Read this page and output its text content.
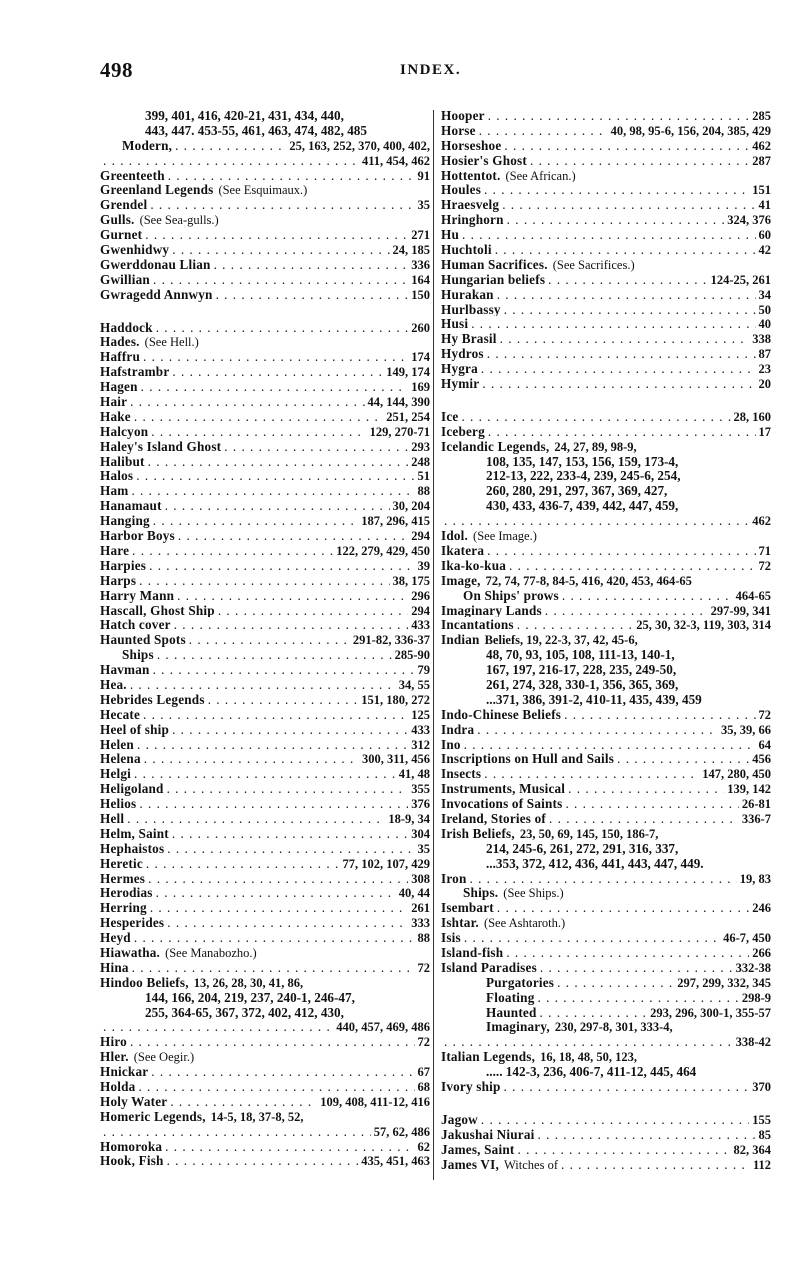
498	INDEX.
399, 401, 416, 420-21, 431, 434, 440,
443, 447. 453-55, 461, 463, 474, 482, 485
Modern, . . .	25, 163, 252, 370, 400, 402,
. . .
411, 454, 462
Greenteeth . . .	91
Greenland Legends (See Esquimaux.)
Grendel . . .	35
Gulls. (See Sea-gulls.)
Gurnet . . .	271
Gwenhidwy . . .	24, 185
Gwerddonau Llian . . .	336
Gwillian . . .	164
Gwragedd Annwyn . . .	150
Haddock . . .	260
Hades. (See Hell.)
Haffru . . .	174
Hafstrambr . . .	149, 174
Hagen . . .	169
Hair . . .	44, 144, 390
Hake . . .	251, 254
Halcyon . . .	129, 270-71
Haley's Island Ghost . . .	293
Halibut . . .	248
Halos . . .	51
Ham . . .	88
Hanamaut . . .	30, 204
Hanging . . .	187, 296, 415
Harbor Boys . . .	294
Hare . . .	122, 279, 429, 450
Harpies . . .	39
Harps . . .	38, 175
Harry Mann . . .	296
Hascall, Ghost Ship . . .	294
Hatch cover . . .	433
Haunted Spots . . .	291-82, 336-37
Ships . . .	285-90
Havman . . .	79
Hea. . . .	34, 55
Hebrides Legends . . .	151, 180, 272
Hecate . . .	125
Heel of ship . . .	433
Helen . . .	312
Helena . . .	300, 311, 456
Helgi . . .	41, 48
Heligoland . . .	355
Helios . . .	376
Hell . . .	18-9, 34
Helm, Saint . . .	304
Hephaistos . . .	35
Heretic . . .	77, 102, 107, 429
Hermes . . .	308
Herodias . . .	40, 44
Herring . . .	261
Hesperides . . .	333
Heyd . . .	88
Hiawatha. (See Manabozho.)
Hina . . .	72
Hindoo Beliefs, 13, 26, 28, 30, 41, 86,
144, 166, 204, 219, 237, 240-1, 246-47,
255, 364-65, 367, 372, 402, 412, 430,
. . .
440, 457, 469, 486
Hiro . . .	72
Hler. (See Oegir.)
Hnickar . . .	67
Holda . . .	68
Holy Water . . .	109, 408, 411-12, 416
Homeric Legends, 14-5, 18, 37-8, 52,
. . .
57, 62, 486
Homoroka . . .	62
Hook, Fish . . .	435, 451, 463
Hooper . . .	285
Horse . . .	40, 98, 95-6, 156, 204, 385, 429
Horseshoe . . .	462
Hosier's Ghost . . .	287
Hottentot. (See African.)
Houles . . .	151
Hraesvelg . . .	41
Hringhorn . . .	324, 376
Hu . . .	60
Huchtoli . . .	42
Human Sacrifices. (See Sacrifices.)
Hungarian beliefs . . .	124-25, 261
Hurakan . . .	34
Hurlbassy . . .	50
Husi . . .	40
Hy Brasil . . .	338
Hydros . . .	87
Hygra . . .	23
Hymir . . .	20
Ice . . .	28, 160
Iceberg . . .	17
Icelandic Legends, 24, 27, 89, 98-9,
108, 135, 147, 153, 156, 159, 173-4,
212-13, 222, 233-4, 239, 245-6, 254,
260, 280, 291, 297, 367, 369, 427,
430, 433, 436-7, 439, 442, 447, 459,
. . .
462
Idol. (See Image.)
Ikatera . . .	71
Ika-ko-kua . . .	72
Image, 72, 74, 77-8, 84-5, 416, 420, 453, 464-65
On Ships' prows . . .	464-65
Imaginary Lands . . .	297-99, 341
Incantations . . .	25, 30, 32-3, 119, 303, 314
Indian Beliefs, 19, 22-3, 37, 42, 45-6,
48, 70, 93, 105, 108, 111-13, 140-1,
167, 197, 216-17, 228, 235, 249-50,
261, 274, 328, 330-1, 356, 365, 369,
...371, 386, 391-2, 410-11, 435, 439, 459
Indo-Chinese Beliefs . . .	72
Indra . . .	35, 39, 66
Ino . . .	64
Inscriptions on Hull and Sails . . .	456
Insects . . .	147, 280, 450
Instruments, Musical . . .	139, 142
Invocations of Saints . . .	26-81
Ireland, Stories of . . .	336-7
Irish Beliefs, 23, 50, 69, 145, 150, 186-7,
214, 245-6, 261, 272, 291, 316, 337,
...353, 372, 412, 436, 441, 443, 447, 449.
Iron . . .	19, 83
Ships. (See Ships.)
Isembart . . .	246
Ishtar. (See Ashtaroth.)
Isis . . .	46-7, 450
Island-fish . . .	266
Island Paradises . . .	332-38
Purgatories . . .	297, 299, 332, 345
Floating . . .	298-9
Haunted . . .	293, 296, 300-1, 355-57
Imaginary, 230, 297-8, 301, 333-4,
. . .
338-42
Italian Legends, 16, 18, 48, 50, 123,
..... 142-3, 236, 406-7, 411-12, 445, 464
Ivory ship . . .	370
Jagow . . .	155
Jakushai Niurai . . .	85
James, Saint . . .	82, 364
James VI, Witches of . . .	112
